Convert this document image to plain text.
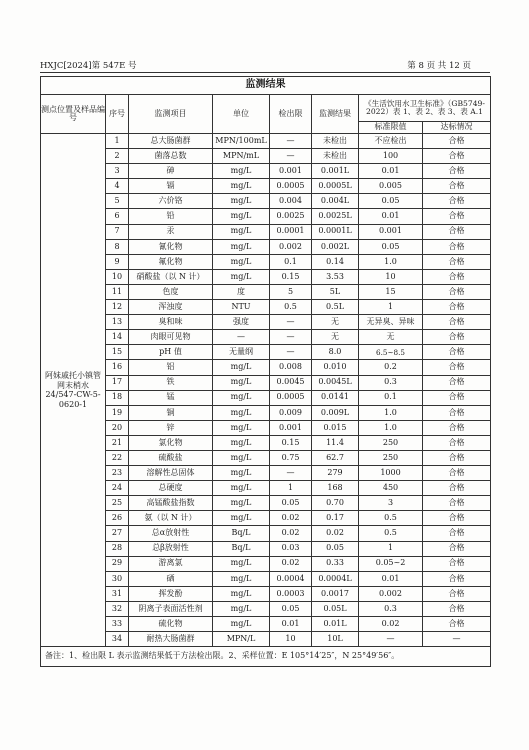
HXJC[2024]第 547E 号	第 8 页 共 12 页
监测结果							
测点位置及样品编号	序号	监测项目	单位	检出限	监测结果	《生活饮用水卫生标准》（GB5749-2022）表 1、表 2、表 3、表 A.1	
						标准限值	达标情况
阿妹戚托小镇管网末梢水 24/547-CW-5-0620-1	1	总大肠菌群	MPN/100mL	—	未检出	不应检出	合格
	2	菌落总数	MPN/mL	—	未检出	100	合格
	3	砷	mg/L	0.001	0.001L	0.01	合格
	4	镉	mg/L	0.0005	0.0005L	0.005	合格
	5	六价铬	mg/L	0.004	0.004L	0.05	合格
	6	铅	mg/L	0.0025	0.0025L	0.01	合格
	7	汞	mg/L	0.0001	0.0001L	0.001	合格
	8	氰化物	mg/L	0.002	0.002L	0.05	合格
	9	氟化物	mg/L	0.1	0.14	1.0	合格
	10	硝酸盐（以 N 计）	mg/L	0.15	3.53	10	合格
	11	色度	度	5	5L	15	合格
	12	浑浊度	NTU	0.5	0.5L	1	合格
	13	臭和味	强度	—	无	无异臭、异味	合格
	14	肉眼可见物	—	—	无	无	合格
	15	pH 值	无量纲	—	8.0	6.5~8.5	合格
	16	铝	mg/L	0.008	0.010	0.2	合格
	17	铁	mg/L	0.0045	0.0045L	0.3	合格
	18	锰	mg/L	0.0005	0.0141	0.1	合格
	19	铜	mg/L	0.009	0.009L	1.0	合格
	20	锌	mg/L	0.001	0.015	1.0	合格
	21	氯化物	mg/L	0.15	11.4	250	合格
	22	硫酸盐	mg/L	0.75	62.7	250	合格
	23	溶解性总固体	mg/L	—	279	1000	合格
	24	总硬度	mg/L	1	168	450	合格
	25	高锰酸盐指数	mg/L	0.05	0.70	3	合格
	26	氨（以 N 计）	mg/L	0.02	0.17	0.5	合格
	27	总α放射性	Bq/L	0.02	0.02	0.5	合格
	28	总β放射性	Bq/L	0.03	0.05	1	合格
	29	游离氯	mg/L	0.02	0.33	0.05~2	合格
	30	硒	mg/L	0.0004	0.0004L	0.01	合格
	31	挥发酚	mg/L	0.0003	0.0017	0.002	合格
	32	阴离子表面活性剂	mg/L	0.05	0.05L	0.3	合格
	33	硫化物	mg/L	0.01	0.01L	0.02	合格
	34	耐热大肠菌群	MPN/L	10	10L	—	—
备注：1、检出限 L 表示监测结果低于方法检出限。2、采样位置：E 105°14′25″，N 25°49′56″。							
